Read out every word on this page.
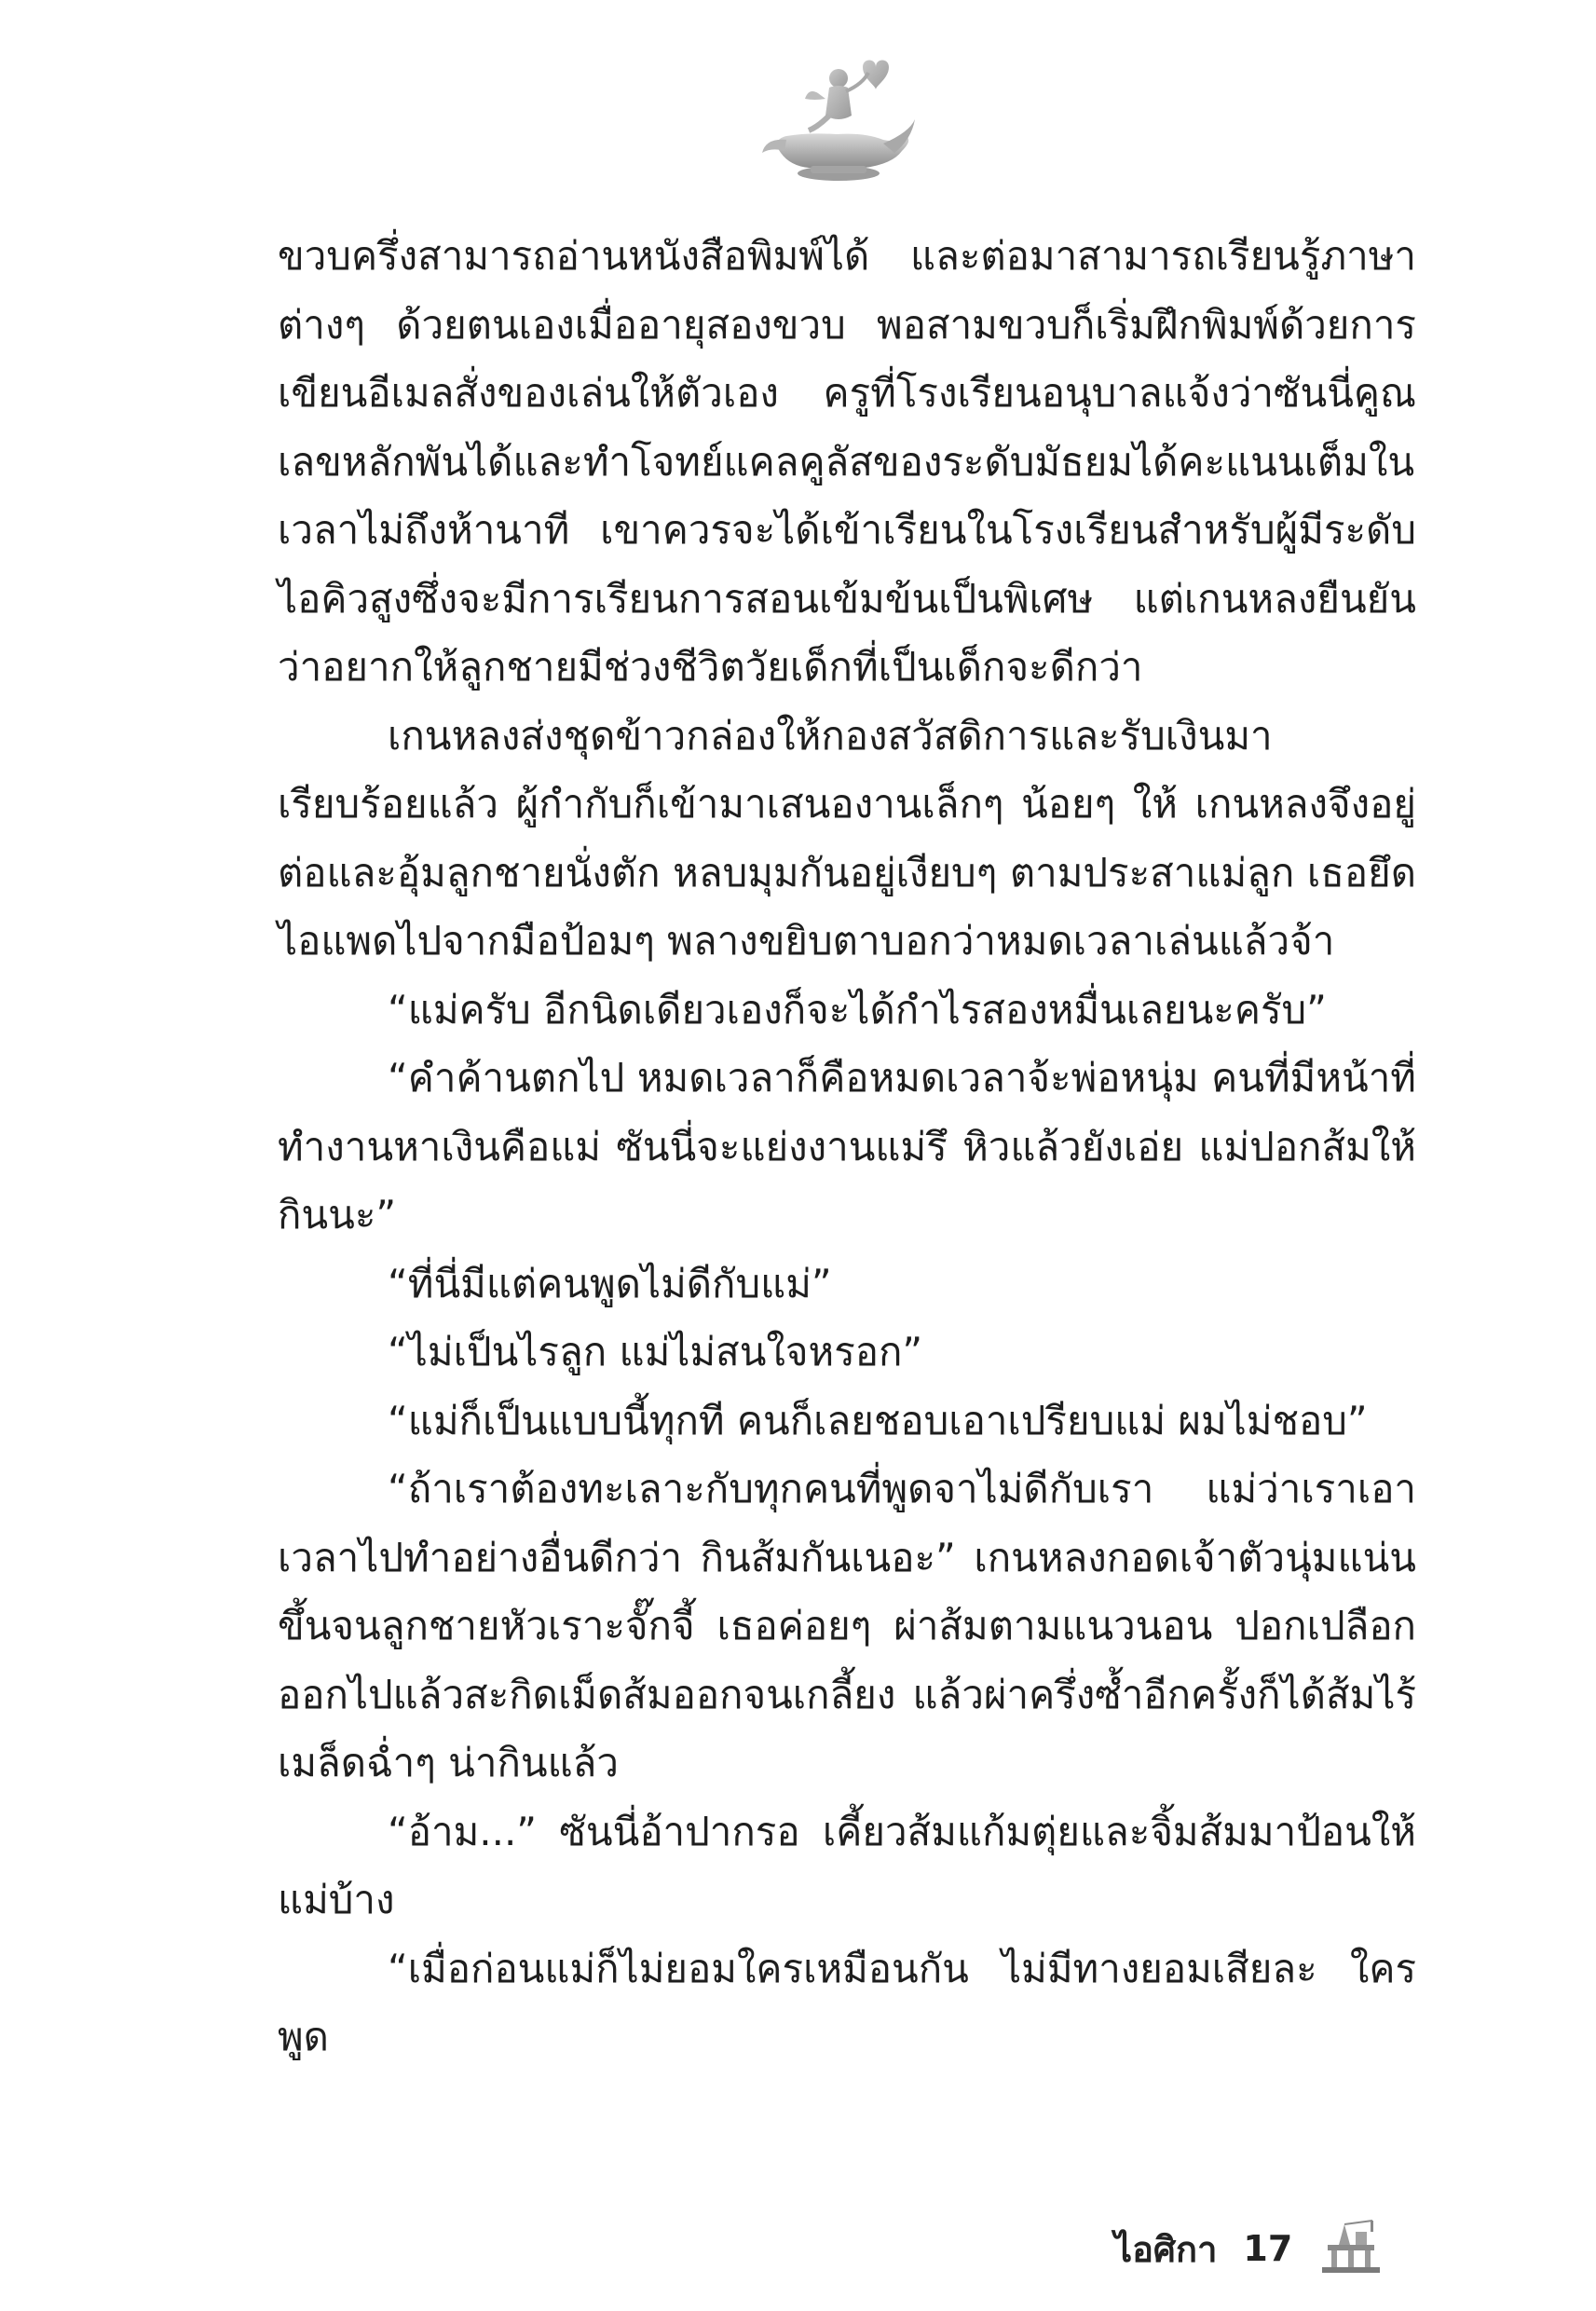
ขวบครึ่งสามารถอ่านหนังสือพิมพ์ได้ และต่อมาสามารถเรียนรู้ภาษาต่างๆ ด้วยตนเองเมื่ออายุสองขวบ พอสามขวบก็เริ่มฝึกพิมพ์ด้วยการเขียนอีเมลสั่งของเล่นให้ตัวเอง ครูที่โรงเรียนอนุบาลแจ้งว่าซันนี่คูณเลขหลักพันได้และทำโจทย์แคลคูลัสของระดับมัธยมได้คะแนนเต็มในเวลาไม่ถึงห้านาที เขาควรจะได้เข้าเรียนในโรงเรียนสำหรับผู้มีระดับไอคิวสูงซึ่งจะมีการเรียนการสอนเข้มข้นเป็นพิเศษ แต่เกนหลงยืนยันว่าอยากให้ลูกชายมีช่วงชีวิตวัยเด็กที่เป็นเด็กจะดีกว่า

เกนหลงส่งชุดข้าวกล่องให้กองสวัสดิการและรับเงินมาเรียบร้อยแล้ว ผู้กำกับก็เข้ามาเสนองานเล็กๆ น้อยๆ ให้ เกนหลงจึงอยู่ต่อและอุ้มลูกชายนั่งตัก หลบมุมกันอยู่เงียบๆ ตามประสาแม่ลูก เธอยึดไอแพดไปจากมือป้อมๆ พลางขยิบตาบอกว่าหมดเวลาเล่นแล้วจ้า

“แม่ครับ อีกนิดเดียวเองก็จะได้กำไรสองหมื่นเลยนะครับ”

“คำค้านตกไป หมดเวลาก็คือหมดเวลาจ้ะพ่อหนุ่ม คนที่มีหน้าที่ทำงานหาเงินคือแม่ ซันนี่จะแย่งงานแม่รึ หิวแล้วยังเอ่ย แม่ปอกส้มให้กินนะ”

“ที่นี่มีแต่คนพูดไม่ดีกับแม่”

“ไม่เป็นไรลูก แม่ไม่สนใจหรอก”

“แม่ก็เป็นแบบนี้ทุกที คนก็เลยชอบเอาเปรียบแม่ ผมไม่ชอบ”

“ถ้าเราต้องทะเลาะกับทุกคนที่พูดจาไม่ดีกับเรา แม่ว่าเราเอาเวลาไปทำอย่างอื่นดีกว่า กินส้มกันเนอะ” เกนหลงกอดเจ้าตัวนุ่มแน่นขึ้นจนลูกชายหัวเราะจั๊กจี้ เธอค่อยๆ ผ่าส้มตามแนวนอน ปอกเปลือกออกไปแล้วสะกิดเม็ดส้มออกจนเกลี้ยง แล้วผ่าครึ่งซ้ำอีกครั้งก็ได้ส้มไร้เมล็ดฉ่ำๆ น่ากินแล้ว

“อ้าม...” ซันนี่อ้าปากรอ เคี้ยวส้มแก้มตุ่ยและจิ้มส้มมาป้อนให้แม่บ้าง

“เมื่อก่อนแม่ก็ไม่ยอมใครเหมือนกัน ไม่มีทางยอมเสียละ ใครพูด

ไอศิกา 17
